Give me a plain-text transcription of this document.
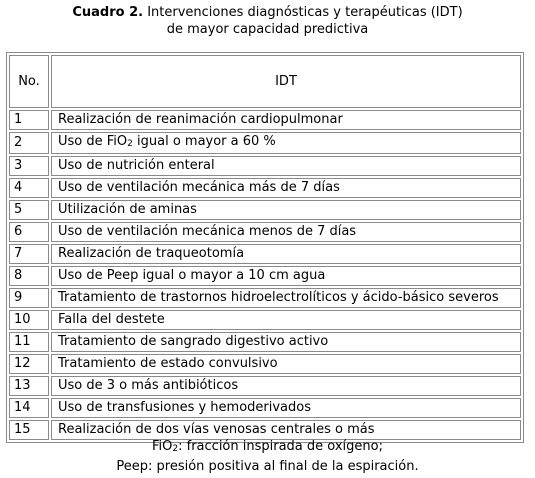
Cuadro 2. Intervenciones diagnósticas y terapéuticas (IDT)
de mayor capacidad predictiva
No.	IDT
1	Realización de reanimación cardiopulmonar
2	Uso de FiO$_2$ igual o mayor a 60 %
3	Uso de nutrición enteral
4	Uso de ventilación mecánica más de 7 días
5	Utilización de aminas
6	Uso de ventilación mecánica menos de 7 días
7	Realización de traqueotomía
8	Uso de Peep igual o mayor a 10 cm agua
9	Tratamiento de trastornos hidroelectrolíticos y ácido-básico severos
10	Falla del destete
11	Tratamiento de sangrado digestivo activo
12	Tratamiento de estado convulsivo
13	Uso de 3 o más antibióticos
14	Uso de transfusiones y hemoderivados
15	Realización de dos vías venosas centrales o más
FiO$_2$: fracción inspirada de oxígeno;
Peep: presión positiva al final de la espiración.
